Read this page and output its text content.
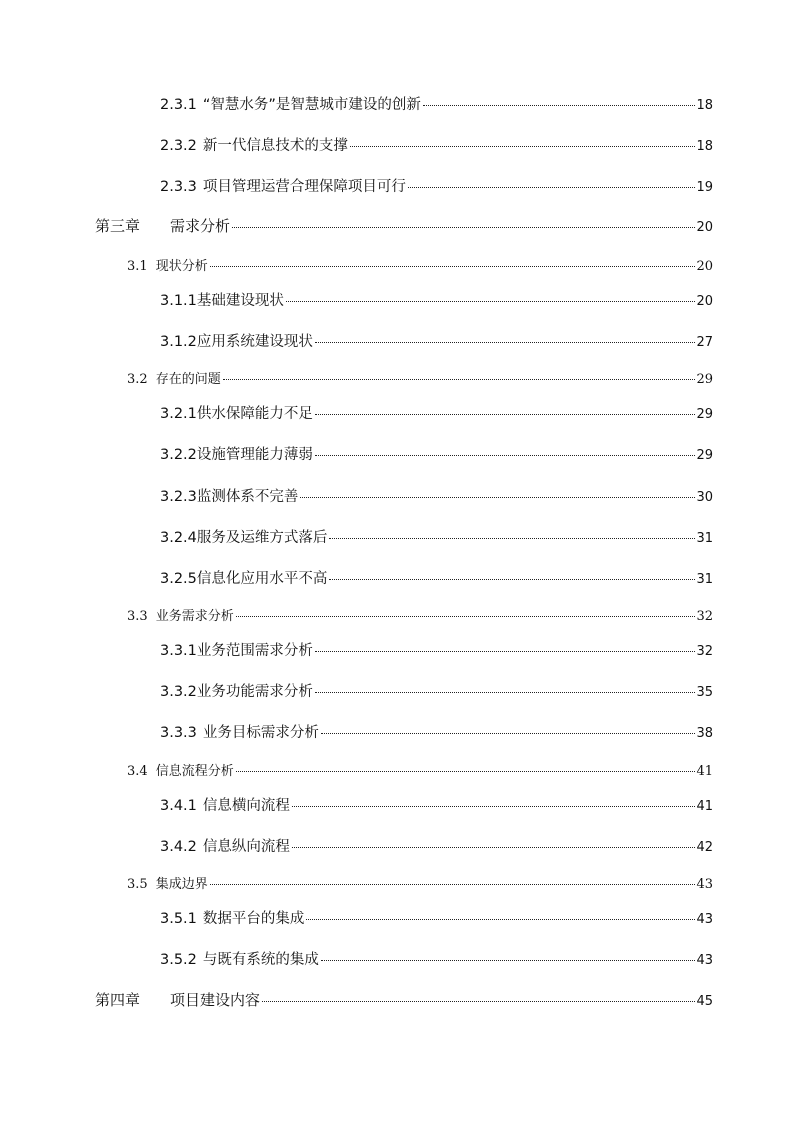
2.3.1 “智慧水务”是智慧城市建设的创新	18
2.3.2 新一代信息技术的支撑	18
2.3.3 项目管理运营合理保障项目可行	19
第三章 需求分析	20
3.1 现状分析	20
3.1.1基础建设现状	20
3.1.2应用系统建设现状	27
3.2 存在的问题	29
3.2.1供水保障能力不足	29
3.2.2设施管理能力薄弱	29
3.2.3监测体系不完善	30
3.2.4服务及运维方式落后	31
3.2.5信息化应用水平不高	31
3.3 业务需求分析	32
3.3.1业务范围需求分析	32
3.3.2业务功能需求分析	35
3.3.3 业务目标需求分析	38
3.4 信息流程分析	41
3.4.1 信息横向流程	41
3.4.2 信息纵向流程	42
3.5 集成边界	43
3.5.1 数据平台的集成	43
3.5.2 与既有系统的集成	43
第四章 项目建设内容	45
